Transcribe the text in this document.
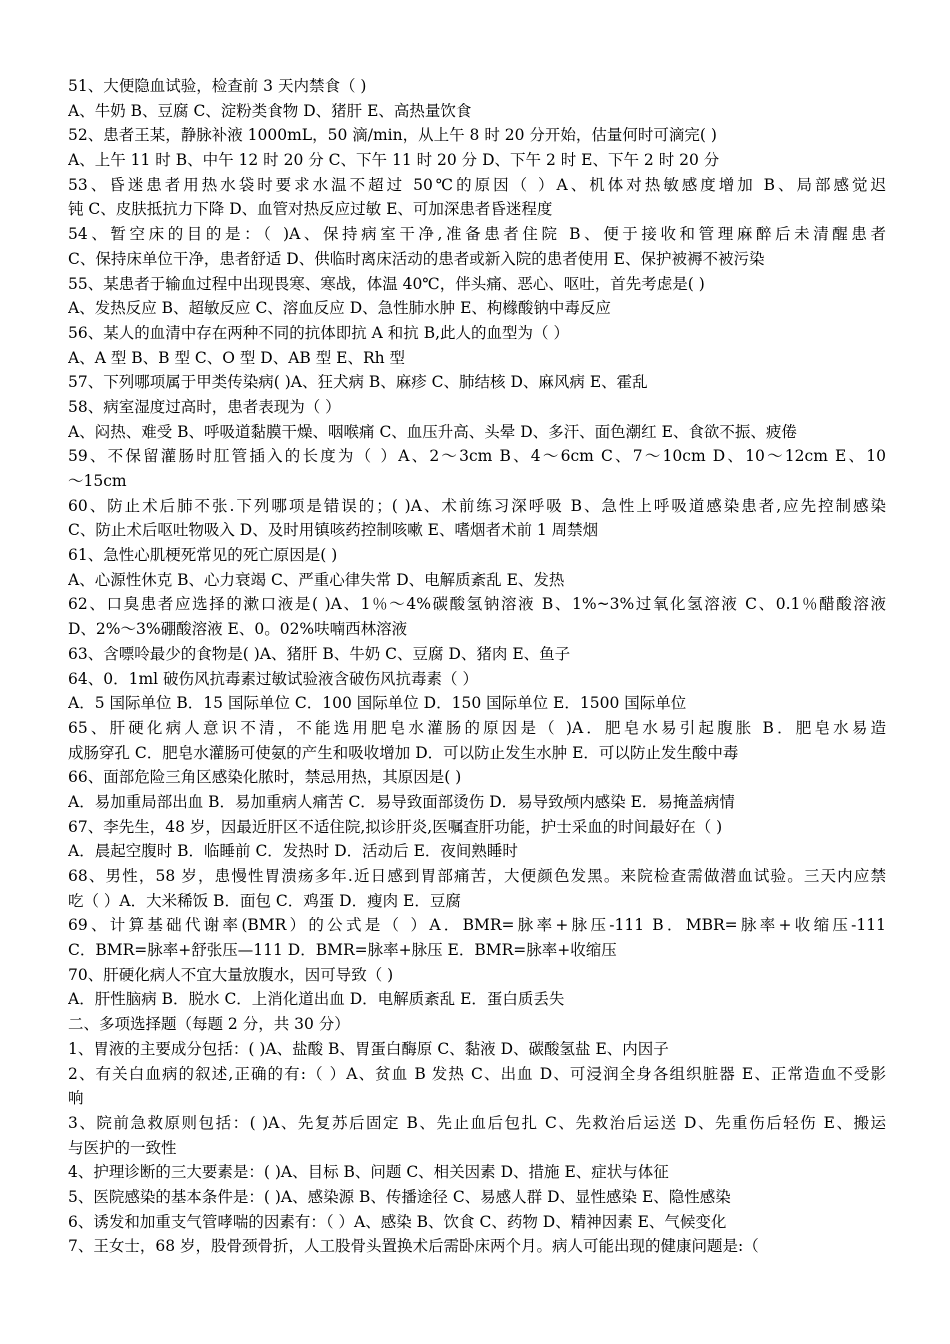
51、大便隐血试验，检查前 3 天内禁食（ )
A、牛奶 B、豆腐 C、淀粉类食物 D、猪肝 E、高热量饮食
52、患者王某，静脉补液 1000mL，50 滴/min，从上午 8 时 20 分开始，估量何时可滴完( )
A、上午 11 时 B、中午 12 时 20 分 C、下午 11 时 20 分 D、下午 2 时 E、下午 2 时 20 分
53、昏迷患者用热水袋时要求水温不超过 50℃的原因（ ）A、机体对热敏感度增加 B、局部感觉迟
钝 C、皮肤抵抗力下降 D、血管对热反应过敏 E、可加深患者昏迷程度
54、暂空床的目的是：（ )A、保持病室干净,准备患者住院 B、便于接收和管理麻醉后未清醒患者
C、保持床单位干净，患者舒适 D、供临时离床活动的患者或新入院的患者使用 E、保护被褥不被污染
55、某患者于输血过程中出现畏寒、寒战，体温 40℃，伴头痛、恶心、呕吐，首先考虑是( )
A、发热反应 B、超敏反应 C、溶血反应 D、急性肺水肿 E、枸橼酸钠中毒反应
56、某人的血清中存在两种不同的抗体即抗 A 和抗 B,此人的血型为（ ）
A、A 型 B、B 型 C、O 型 D、AB 型 E、Rh 型
57、下列哪项属于甲类传染病( )A、狂犬病 B、麻疹 C、肺结核 D、麻风病 E、霍乱
58、病室湿度过高时，患者表现为（ ）
A、闷热、难受 B、呼吸道黏膜干燥、咽喉痛 C、血压升高、头晕 D、多汗、面色潮红 E、食欲不振、疲倦
59、不保留灌肠时肛管插入的长度为（ ）A、2～3cm B、4～6cm C、7～10cm D、10～12cm E、10
～15cm
60、防止术后肺不张.下列哪项是错误的；( )A、术前练习深呼吸 B、急性上呼吸道感染患者,应先控制感染
C、防止术后呕吐物吸入 D、及时用镇咳药控制咳嗽 E、嗜烟者术前 1 周禁烟
61、急性心肌梗死常见的死亡原因是( )
A、心源性休克 B、心力衰竭 C、严重心律失常 D、电解质紊乱 E、发热
62、口臭患者应选择的漱口液是( )A、1％～4%碳酸氢钠溶液 B、1%~3%过氧化氢溶液 C、0.1％醋酸溶液
D、2%～3%硼酸溶液 E、0。02%呋喃西林溶液
63、含嘌呤最少的食物是( )A、猪肝 B、牛奶 C、豆腐 D、猪肉 E、鱼子
64、0．1ml 破伤风抗毒素过敏试验液含破伤风抗毒素（ ）
A．5 国际单位 B．15 国际单位 C．100 国际单位 D．150 国际单位 E．1500 国际单位
65、肝硬化病人意识不清，不能选用肥皂水灌肠的原因是（ )A．肥皂水易引起腹胀 B．肥皂水易造
成肠穿孔 C．肥皂水灌肠可使氨的产生和吸收增加 D．可以防止发生水肿 E．可以防止发生酸中毒
66、面部危险三角区感染化脓时，禁忌用热，其原因是( )
A．易加重局部出血 B．易加重病人痛苦 C．易导致面部烫伤 D．易导致颅内感染 E．易掩盖病情
67、李先生，48 岁，因最近肝区不适住院,拟诊肝炎,医嘱查肝功能，护士采血的时间最好在（ )
A．晨起空腹时 B．临睡前 C．发热时 D．活动后 E．夜间熟睡时
68、男性，58 岁，患慢性胃溃疡多年.近日感到胃部痛苦，大便颜色发黑。来院检查需做潜血试验。三天内应禁
吃（ ）A．大米稀饭 B．面包 C．鸡蛋 D．瘦肉 E．豆腐
69、计算基础代谢率(BMR）的公式是（ ）A．BMR=脉率+脉压-111 B．MBR=脉率+收缩压-111
C．BMR=脉率+舒张压—111 D．BMR=脉率+脉压 E．BMR=脉率+收缩压
70、肝硬化病人不宜大量放腹水，因可导致（ )
A．肝性脑病 B．脱水 C．上消化道出血 D．电解质紊乱 E．蛋白质丢失
二、多项选择题（每题 2 分，共 30 分）
1、胃液的主要成分包括：( )A、盐酸 B、胃蛋白酶原 C、黏液 D、碳酸氢盐 E、内因子
2、有关白血病的叙述,正确的有:（ ）A、贫血 B 发热 C、出血 D、可浸润全身各组织脏器 E、正常造血不受影
响
3、院前急救原则包括：( )A、先复苏后固定 B、先止血后包扎 C、先救治后运送 D、先重伤后轻伤 E、搬运
与医护的一致性
4、护理诊断的三大要素是：( )A、目标 B、问题 C、相关因素 D、措施 E、症状与体征
5、医院感染的基本条件是：( )A、感染源 B、传播途径 C、易感人群 D、显性感染 E、隐性感染
6、诱发和加重支气管哮喘的因素有：（ ）A、感染 B、饮食 C、药物 D、精神因素 E、气候变化
7、王女士，68 岁，股骨颈骨折，人工股骨头置换术后需卧床两个月。病人可能出现的健康问题是:（
